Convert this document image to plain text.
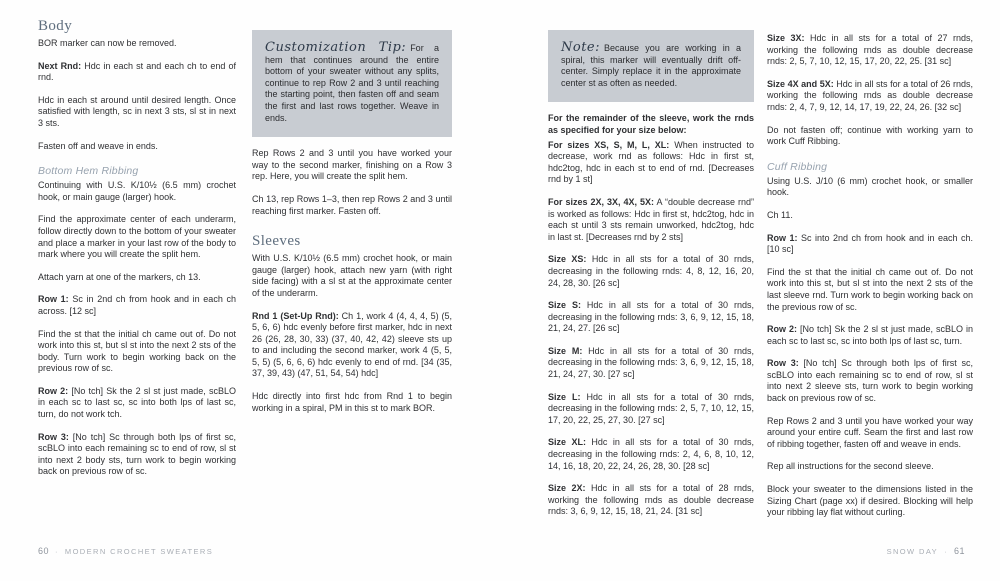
Body

BOR marker can now be removed.

Next Rnd: Hdc in each st and each ch to end of rnd.

Hdc in each st around until desired length. Once satisfied with length, sc in next 3 sts, sl st in next 3 sts.

Fasten off and weave in ends.

Bottom Hem Ribbing

Continuing with U.S. K/10½ (6.5 mm) crochet hook, or main gauge (larger) hook.

Find the approximate center of each underarm, follow directly down to the bottom of your sweater and place a marker in your last row of the body to mark where you will create the split hem.

Attach yarn at one of the markers, ch 13.

Row 1: Sc in 2nd ch from hook and in each ch across. [12 sc]

Find the st that the initial ch came out of. Do not work into this st, but sl st into the next 2 sts of the body. Turn work to begin working back on the previous row of sc.

Row 2: [No tch] Sk the 2 sl st just made, scBLO in each sc to last sc, sc into both lps of last sc, turn, do not work tch.

Row 3: [No tch] Sc through both lps of first sc, scBLO into each remaining sc to end of row, sl st into next 2 body sts, turn work to begin working back on previous row of sc.

Customization Tip: For a hem that continues around the entire bottom of your sweater without any splits, continue to rep Row 2 and 3 until reaching the starting point, then fasten off and seam the first and last rows together. Weave in ends.

Rep Rows 2 and 3 until you have worked your way to the second marker, finishing on a Row 3 rep. Here, you will create the split hem.

Ch 13, rep Rows 1–3, then rep Rows 2 and 3 until reaching first marker. Fasten off.

Sleeves

With U.S. K/10½ (6.5 mm) crochet hook, or main gauge (larger) hook, attach new yarn (with right side facing) with a sl st at the approximate center of the underarm.

Rnd 1 (Set-Up Rnd): Ch 1, work 4 (4, 4, 4, 5) (5, 5, 6, 6) hdc evenly before first marker, hdc in next 26 (26, 28, 30, 33) (37, 40, 42, 42) sleeve sts up to and including the second marker, work 4 (5, 5, 5, 5) (5, 6, 6, 6) hdc evenly to end of rnd. [34 (35, 37, 39, 43) (47, 51, 54, 54) hdc]

Hdc directly into first hdc from Rnd 1 to begin working in a spiral, PM in this st to mark BOR.

Note: Because you are working in a spiral, this marker will eventually drift off-center. Simply replace it in the approximate center st as often as needed.

For the remainder of the sleeve, work the rnds as specified for your size below:

For sizes XS, S, M, L, XL: When instructed to decrease, work rnd as follows: Hdc in first st, hdc2tog, hdc in each st to end of rnd. [Decreases rnd by 1 st]

For sizes 2X, 3X, 4X, 5X: A “double decrease rnd” is worked as follows: Hdc in first st, hdc2tog, hdc in each st until 3 sts remain unworked, hdc2tog, hdc in last st. [Decreases rnd by 2 sts]

Size XS: Hdc in all sts for a total of 30 rnds, decreasing in the following rnds: 4, 8, 12, 16, 20, 24, 28, 30. [26 sc]

Size S: Hdc in all sts for a total of 30 rnds, decreasing in the following rnds: 3, 6, 9, 12, 15, 18, 21, 24, 27. [26 sc]

Size M: Hdc in all sts for a total of 30 rnds, decreasing in the following rnds: 3, 6, 9, 12, 15, 18, 21, 24, 27, 30. [27 sc]

Size L: Hdc in all sts for a total of 30 rnds, decreasing in the following rnds: 2, 5, 7, 10, 12, 15, 17, 20, 22, 25, 27, 30. [27 sc]

Size XL: Hdc in all sts for a total of 30 rnds, decreasing in the following rnds: 2, 4, 6, 8, 10, 12, 14, 16, 18, 20, 22, 24, 26, 28, 30. [28 sc]

Size 2X: Hdc in all sts for a total of 28 rnds, working the following rnds as double decrease rnds: 3, 6, 9, 12, 15, 18, 21, 24. [31 sc]

Size 3X: Hdc in all sts for a total of 27 rnds, working the following rnds as double decrease rnds: 2, 5, 7, 10, 12, 15, 17, 20, 22, 25. [31 sc]

Size 4X and 5X: Hdc in all sts for a total of 26 rnds, working the following rnds as double decrease rnds: 2, 4, 7, 9, 12, 14, 17, 19, 22, 24, 26. [32 sc]

Do not fasten off; continue with working yarn to work Cuff Ribbing.

Cuff Ribbing

Using U.S. J/10 (6 mm) crochet hook, or smaller hook.

Ch 11.

Row 1: Sc into 2nd ch from hook and in each ch. [10 sc]

Find the st that the initial ch came out of. Do not work into this st, but sl st into the next 2 sts of the last sleeve rnd. Turn work to begin working back on the previous row of sc.

Row 2: [No tch] Sk the 2 sl st just made, scBLO in each sc to last sc, sc into both lps of last sc, turn.

Row 3: [No tch] Sc through both lps of first sc, scBLO into each remaining sc to end of row, sl st into next 2 sleeve sts, turn work to begin working back on previous row of sc.

Rep Rows 2 and 3 until you have worked your way around your entire cuff. Seam the first and last row of ribbing together, fasten off and weave in ends.

Rep all instructions for the second sleeve.

Block your sweater to the dimensions listed in the Sizing Chart (page xx) if desired. Blocking will help your ribbing lay flat without curling.

60 · MODERN CROCHET SWEATERS	SNOW DAY · 61
